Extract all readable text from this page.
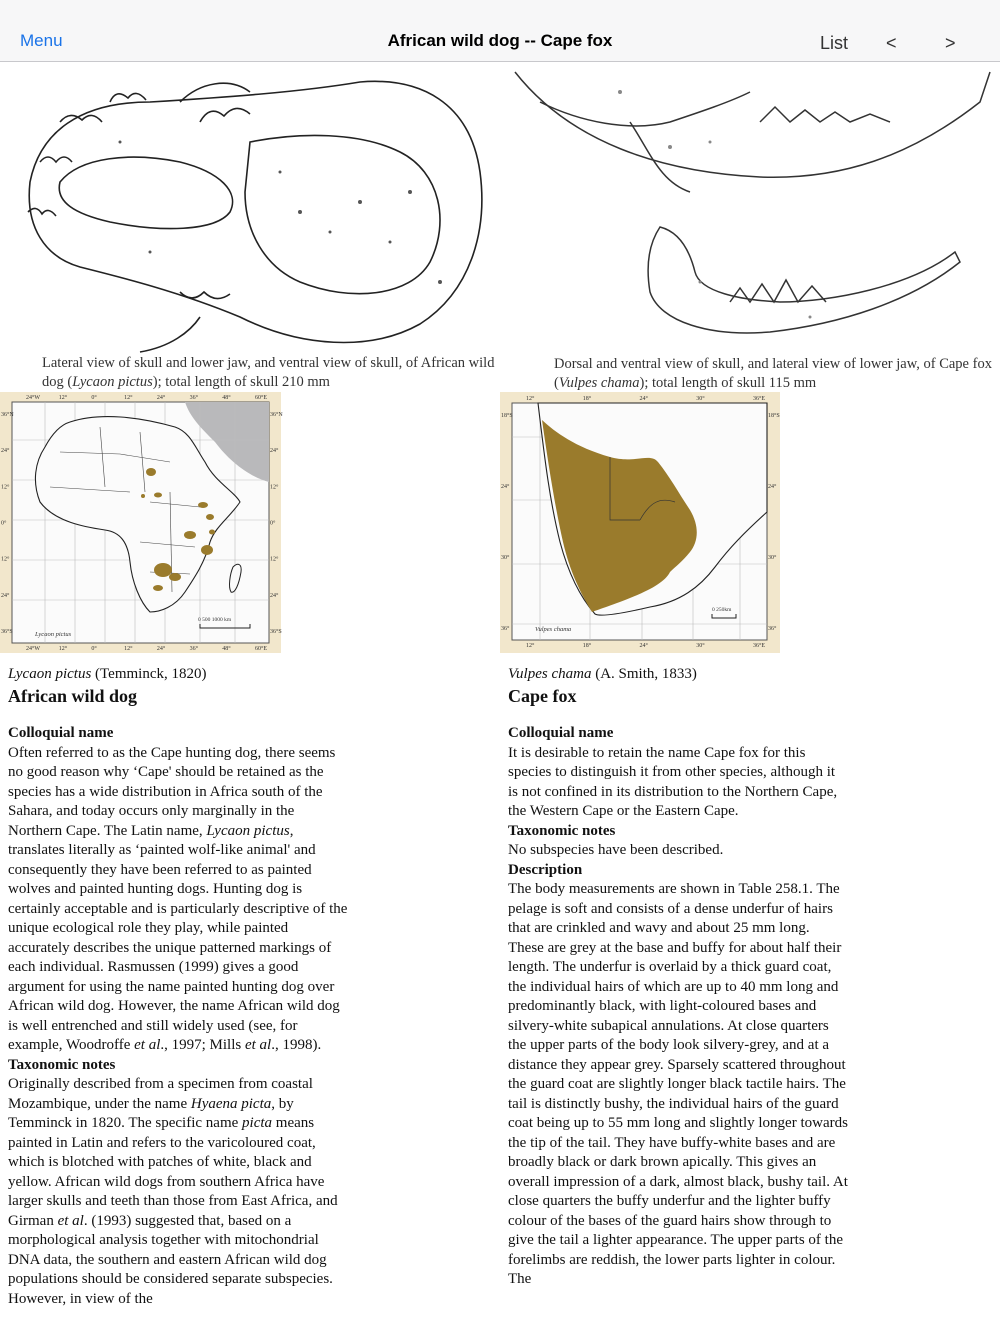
Menu	African wild dog -- Cape fox	List <	>
Lateral view of skull and lower jaw, and ventral view of skull, of African wild dog (Lycaon pictus); total length of skull 210 mm
Dorsal and ventral view of skull, and lateral view of lower jaw, of Cape fox
(Vulpes chama); total length of skull 115 mm
24°W	12°	0°	12°	24°	36°	48°	60°E
24°W	12°	0°	12°	24°	36°	48°	60°E
36°N
24°
12°
0°
12°
24°
36°S
36°N
24°
12°
0°
12°
24°
36°S
Lycaon pictus
0 500 1000 km
12°	18°	24°	30°	36°E
12°	18°	24°	30°	36°E
18°S
24°
30°
36°
18°S
24°
30°
36°
Vulpes chama
0 250km
Lycaon pictus (Temminck, 1820)
African wild dog
Colloquial name
Often referred to as the Cape hunting dog, there seems no good reason why ‘Cape' should be retained as the species has a wide distribution in Africa south of the Sahara, and today occurs only marginally in the Northern Cape. The Latin name, Lycaon pictus, translates literally as ‘painted wolf-like animal' and consequently they have been referred to as painted wolves and painted hunting dogs. Hunting dog is certainly acceptable and is particularly descriptive of the unique ecological role they play, while painted accurately describes the unique patterned markings of each individual. Rasmussen (1999) gives a good argument for using the name painted hunting dog over African wild dog. However, the name African wild dog is well entrenched and still widely used (see, for example, Woodroffe et al., 1997; Mills et al., 1998).
Taxonomic notes
Originally described from a specimen from coastal Mozambique, under the name Hyaena picta, by Temminck in 1820. The specific name picta means painted in Latin and refers to the varicoloured coat, which is blotched with patches of white, black and yellow. African wild dogs from southern Africa have larger skulls and teeth than those from East Africa, and Girman et al. (1993) suggested that, based on a morphological analysis together with mitochondrial DNA data, the southern and eastern African wild dog populations should be considered separate subspecies. However, in view of the
Vulpes chama (A. Smith, 1833)
Cape fox
Colloquial name
It is desirable to retain the name Cape fox for this species to distinguish it from other species, although it is not confined in its distribution to the Northern Cape, the Western Cape or the Eastern Cape.
Taxonomic notes
No subspecies have been described.
Description
The body measurements are shown in Table 258.1. The pelage is soft and consists of a dense underfur of hairs that are crinkled and wavy and about 25 mm long. These are grey at the base and buffy for about half their length. The underfur is overlaid by a thick guard coat, the individual hairs of which are up to 40 mm long and predominantly black, with light-coloured bases and silvery-white subapical annulations. At close quarters the upper parts of the body look silvery-grey, and at a distance they appear grey. Sparsely scattered throughout the guard coat are slightly longer black tactile hairs. The tail is distinctly bushy, the individual hairs of the guard coat being up to 55 mm long and slightly longer towards the tip of the tail. They have buffy-white bases and are broadly black or dark brown apically. This gives an overall impression of a dark, almost black, bushy tail. At close quarters the buffy underfur and the lighter buffy colour of the bases of the guard hairs show through to give the tail a lighter appearance. The upper parts of the forelimbs are reddish, the lower parts lighter in colour. The
